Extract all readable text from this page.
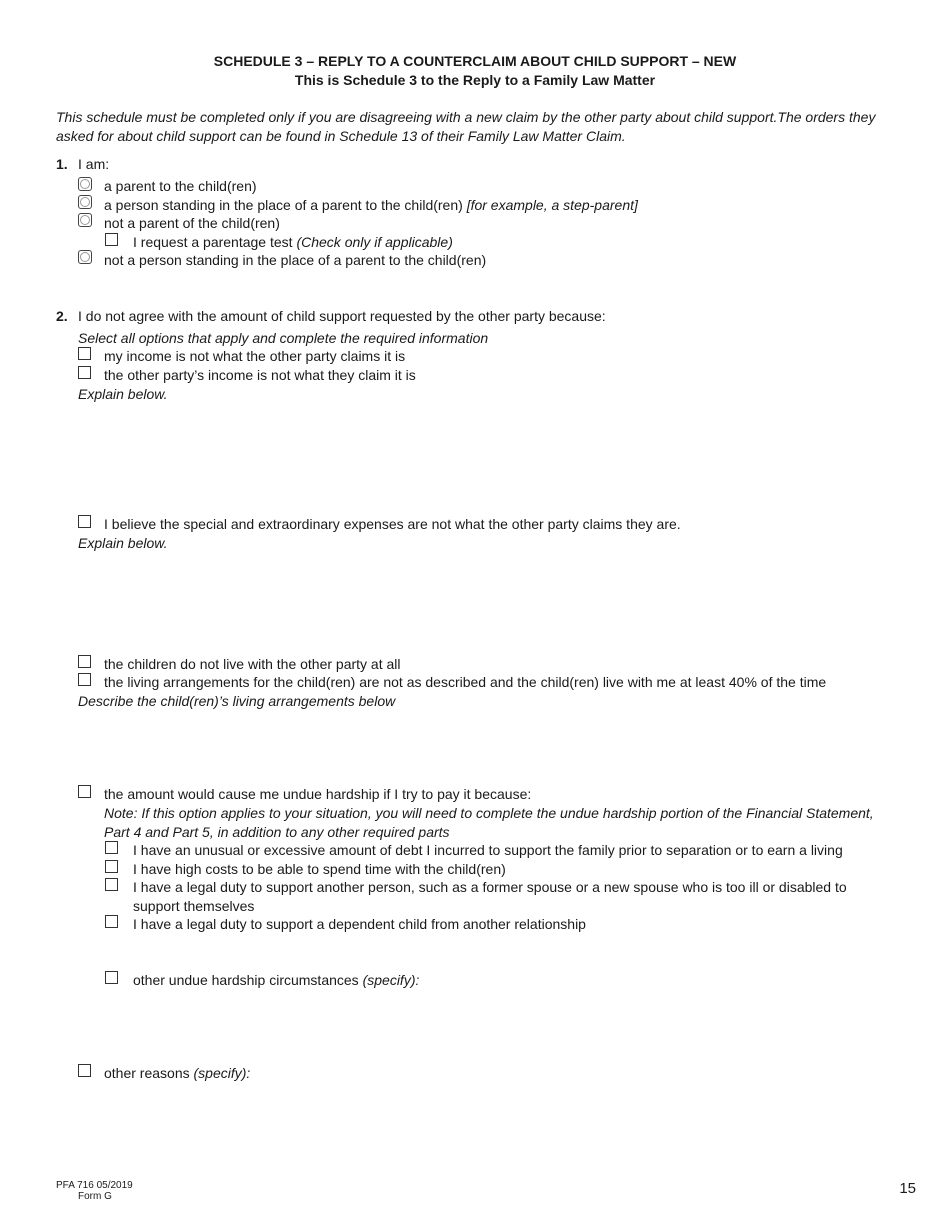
SCHEDULE 3 – REPLY TO A COUNTERCLAIM ABOUT CHILD SUPPORT – NEW
This is Schedule 3 to the Reply to a Family Law Matter
This schedule must be completed only if you are disagreeing with a new claim by the other party about child support.The orders they
asked for about child support can be found in Schedule 13 of their Family Law Matter Claim.
1. I am:
a parent to the child(ren)
a person standing in the place of a parent to the child(ren) [for example, a step-parent]
not a parent of the child(ren)
I request a parentage test (Check only if applicable)
not a person standing in the place of a parent to the child(ren)
2. I do not agree with the amount of child support requested by the other party because:
Select all options that apply and complete the required information
my income is not what the other party claims it is
the other party’s income is not what they claim it is
Explain below.
I believe the special and extraordinary expenses are not what the other party claims they are.
Explain below.
the children do not live with the other party at all
the living arrangements for the child(ren) are not as described and the child(ren) live with me at least 40% of the time
Describe the child(ren)’s living arrangements below
the amount would cause me undue hardship if I try to pay it because:
Note: If this option applies to your situation, you will need to complete the undue hardship portion of the Financial Statement,
Part 4 and Part 5, in addition to any other required parts
I have an unusual or excessive amount of debt I incurred to support the family prior to separation or to earn a living
I have high costs to be able to spend time with the child(ren)
I have a legal duty to support another person, such as a former spouse or a new spouse who is too ill or disabled to
support themselves
I have a legal duty to support a dependent child from another relationship
other undue hardship circumstances (specify):
other reasons (specify):
PFA 716 05/2019
Form G	15
